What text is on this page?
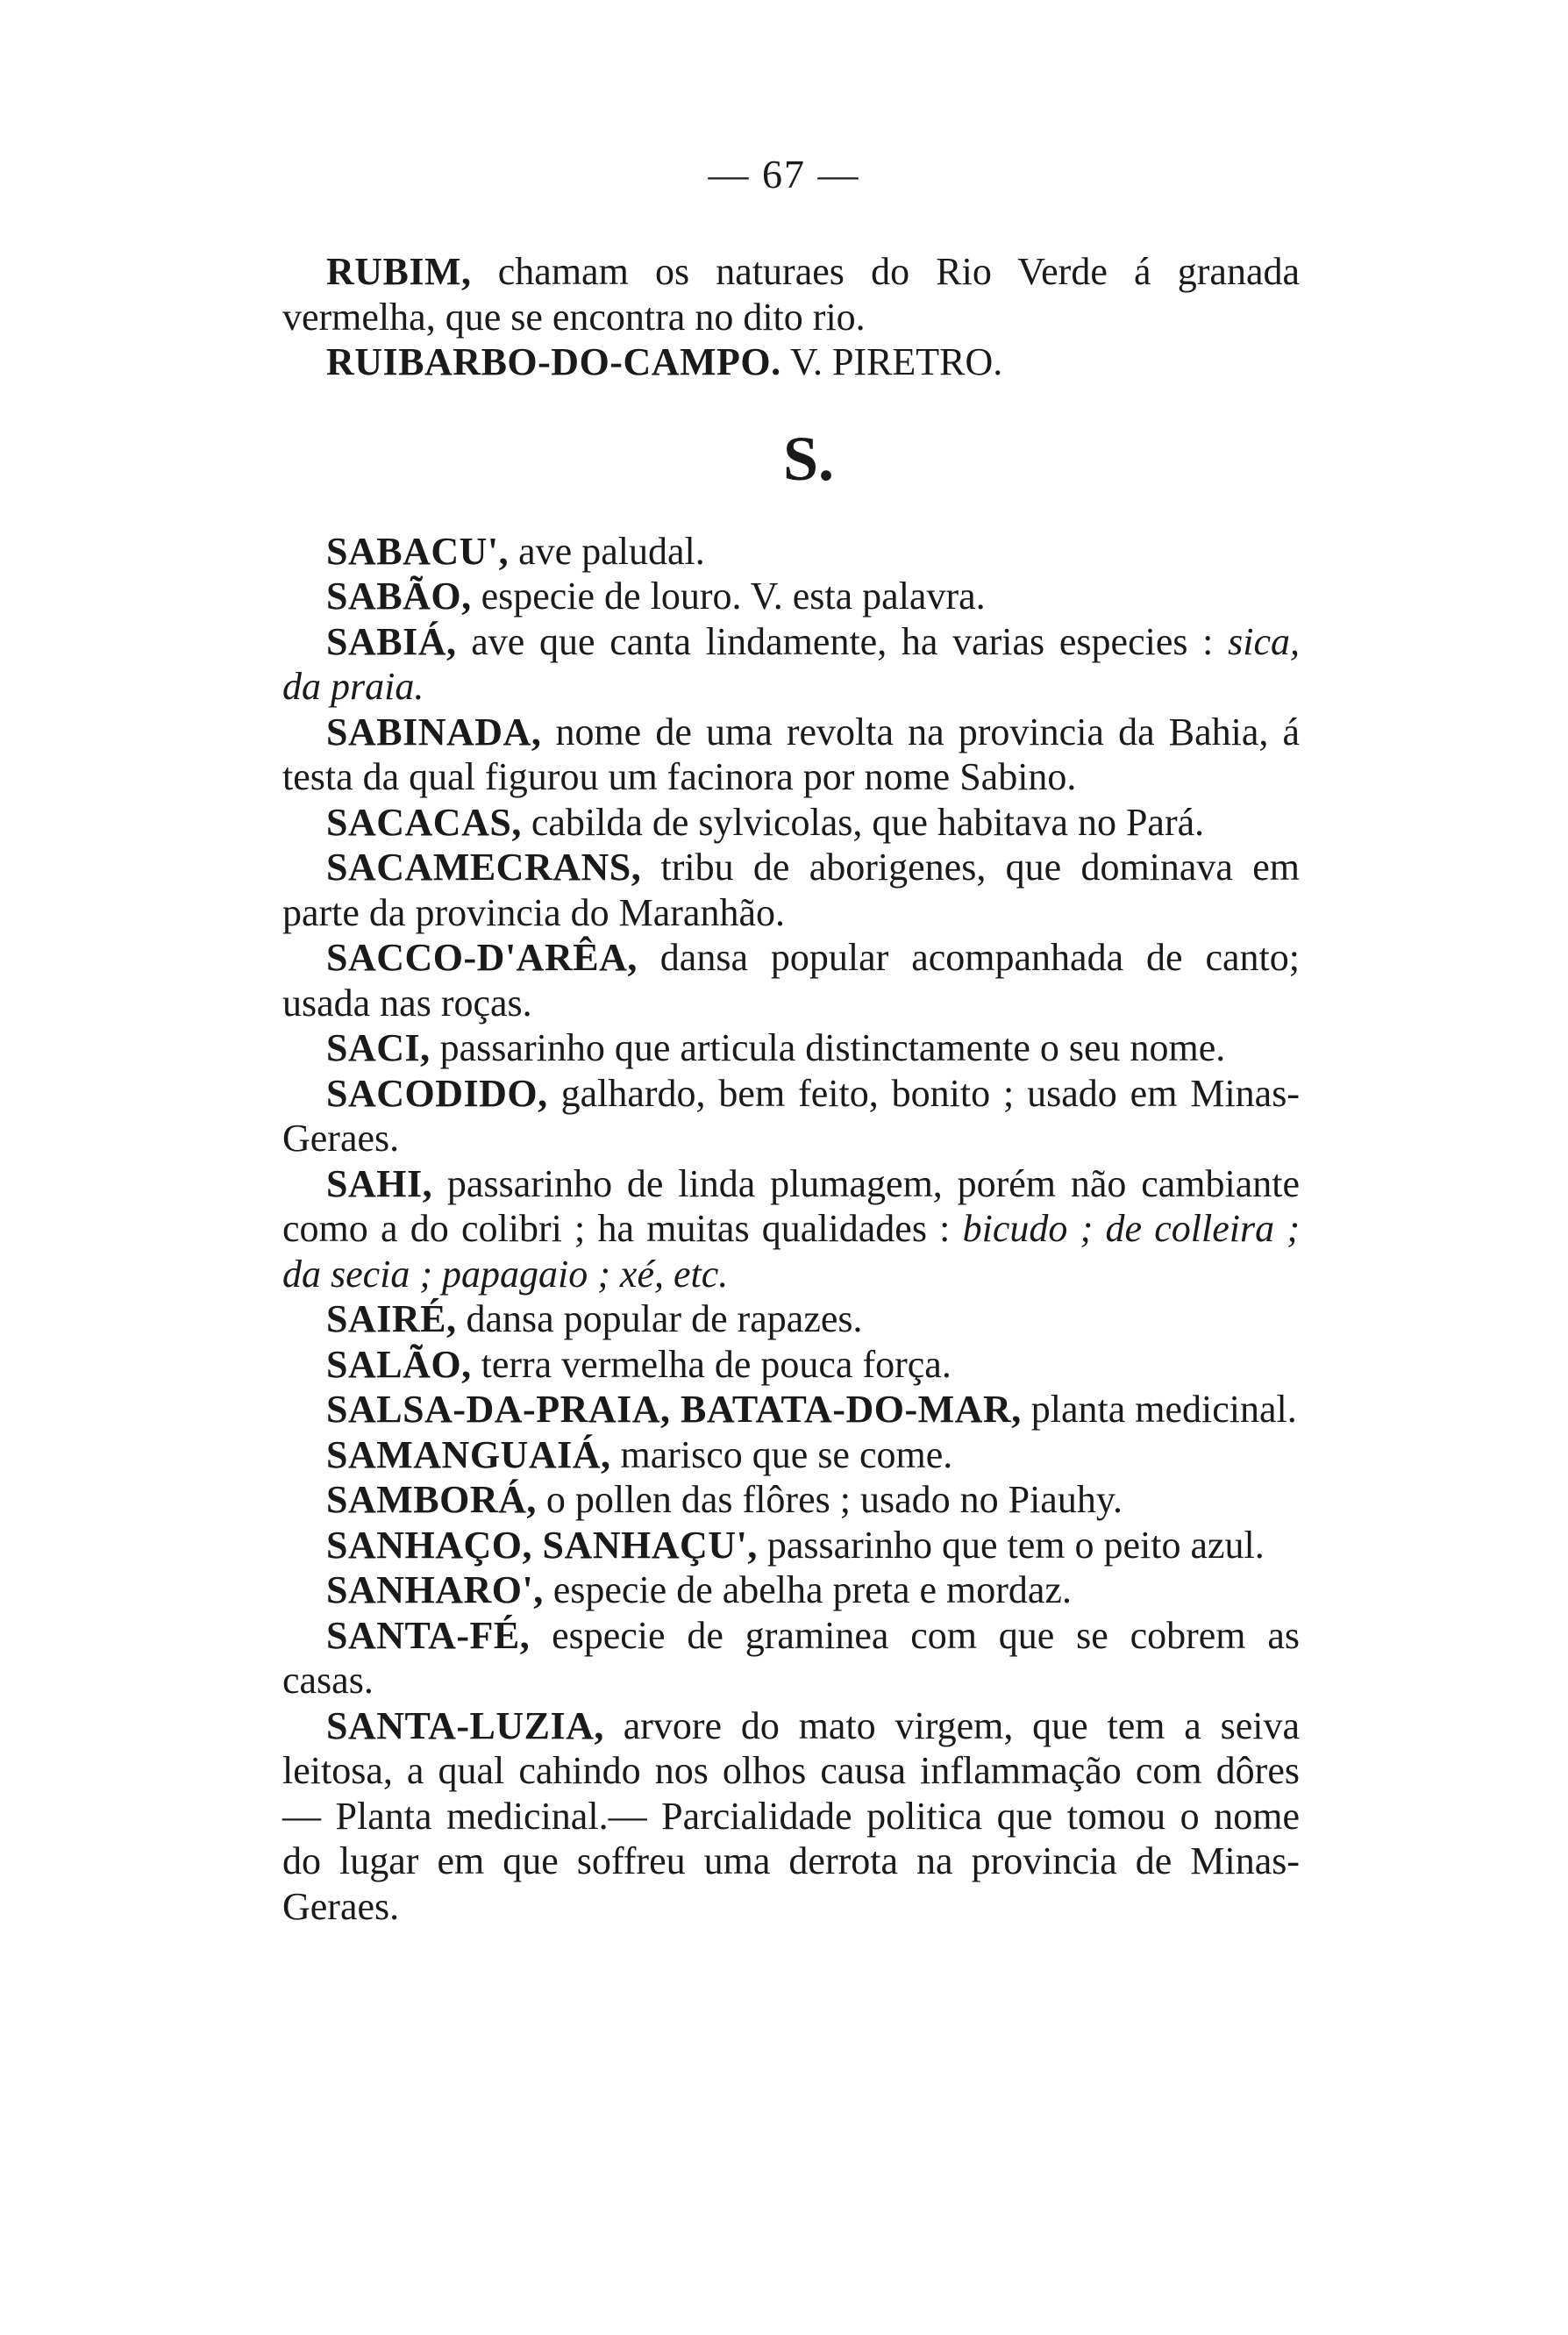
— 67 —

RUBIM, chamam os naturaes do Rio Verde á granada vermelha, que se encontra no dito rio.

RUIBARBO-DO-CAMPO. V. PIRETRO.

S.

SABACU', ave paludal.

SABÃO, especie de louro. V. esta palavra.

SABIÁ, ave que canta lindamente, ha varias especies : sica, da praia.

SABINADA, nome de uma revolta na provincia da Bahia, á testa da qual figurou um facinora por nome Sabino.

SACACAS, cabilda de sylvicolas, que habitava no Pará.

SACAMECRANS, tribu de aborigenes, que dominava em parte da provincia do Maranhão.

SACCO-D'ARÊA, dansa popular acompanhada de canto; usada nas roças.

SACI, passarinho que articula distinctamente o seu nome.

SACODIDO, galhardo, bem feito, bonito ; usado em Minas-Geraes.

SAHI, passarinho de linda plumagem, porém não cambiante como a do colibri ; ha muitas qualidades : bicudo ; de colleira ; da secia ; papagaio ; xé, etc.

SAIRÉ, dansa popular de rapazes.

SALÃO, terra vermelha de pouca força.

SALSA-DA-PRAIA, BATATA-DO-MAR, planta medicinal.

SAMANGUAIÁ, marisco que se come.

SAMBORÁ, o pollen das flôres ; usado no Piauhy.

SANHAÇO, SANHAÇU', passarinho que tem o peito azul.

SANHARO', especie de abelha preta e mordaz.

SANTA-FÉ, especie de graminea com que se cobrem as casas.

SANTA-LUZIA, arvore do mato virgem, que tem a seiva leitosa, a qual cahindo nos olhos causa inflammação com dôres — Planta medicinal.— Parcialidade politica que tomou o nome do lugar em que soffreu uma derrota na provincia de Minas-Geraes.
